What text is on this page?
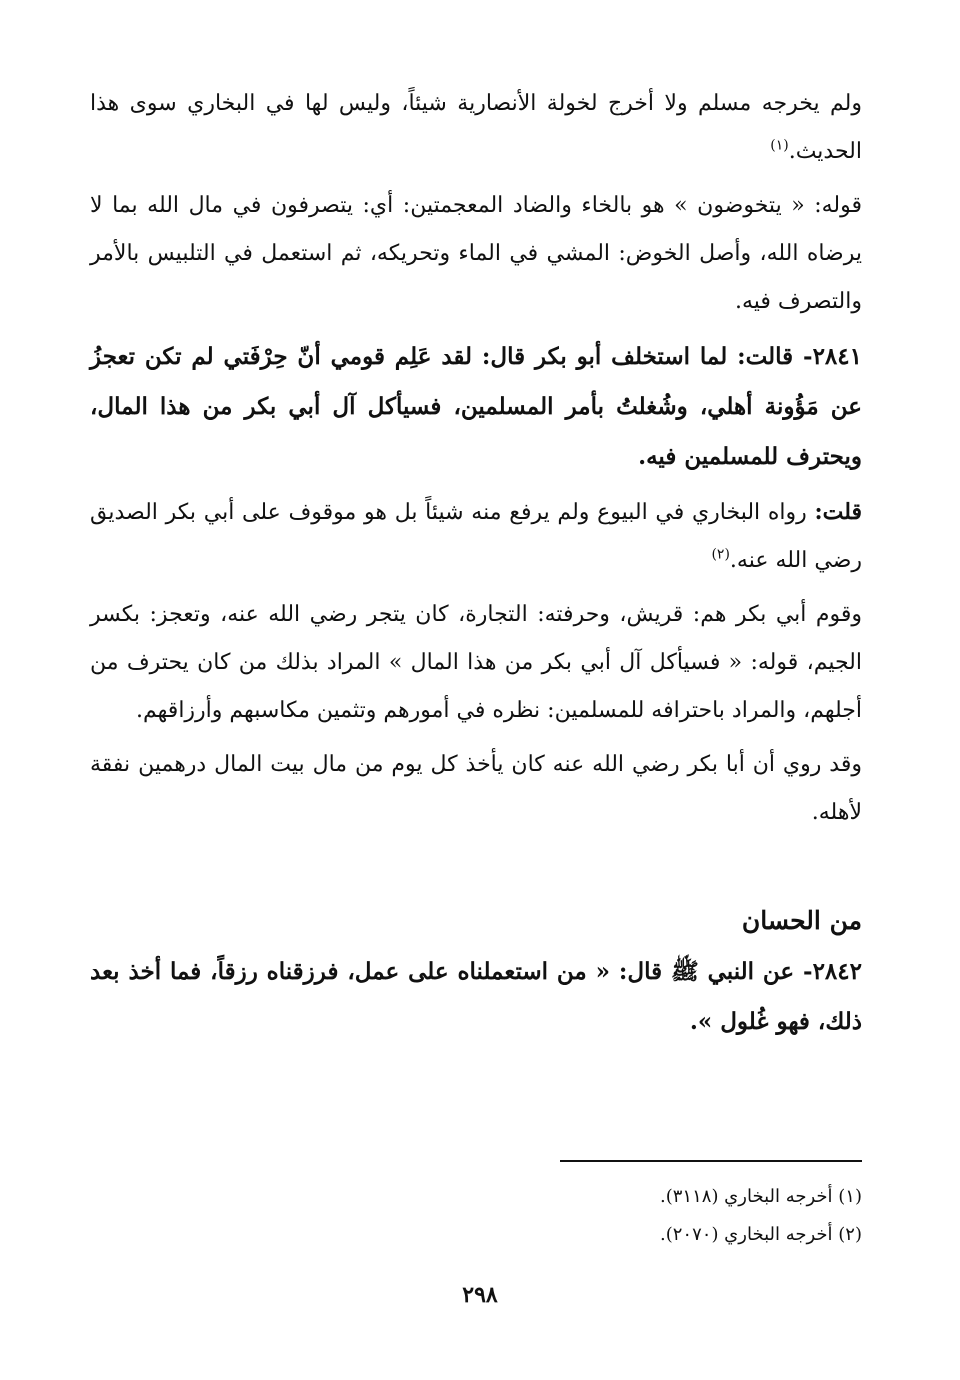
ولم يخرجه مسلم ولا أخرج لخولة الأنصارية شيئاً، وليس لها في البخاري سوى هذا الحديث.$^{(١)}$

قوله: « يتخوضون » هو بالخاء والضاد المعجمتين: أي: يتصرفون في مال الله بما لا يرضاه الله، وأصل الخوض: المشي في الماء وتحريكه، ثم استعمل في التلبيس بالأمر والتصرف فيه.

٢٨٤١- قالت: لما استخلف أبو بكر قال: لقد عَلِم قومي أنّ حِرْفَتي لم تكن تعجزُ عن مَؤُونة أهلي، وشُغلتُ بأمر المسلمين، فسيأكل آل أبي بكر من هذا المال، ويحترف للمسلمين فيه.

قلت: رواه البخاري في البيوع ولم يرفع منه شيئاً بل هو موقوف على أبي بكر الصديق رضي الله عنه.$^{(٢)}$

وقوم أبي بكر هم: قريش، وحرفته: التجارة، كان يتجر رضي الله عنه، وتعجز: بكسر الجيم، قوله: « فسيأكل آل أبي بكر من هذا المال » المراد بذلك من كان يحترف من أجلهم، والمراد باحترافه للمسلمين: نظره في أمورهم وتثمين مكاسبهم وأرزاقهم.

وقد روي أن أبا بكر رضي الله عنه كان يأخذ كل يوم من مال بيت المال درهمين نفقة لأهله.

من الحسان

٢٨٤٢- عن النبي ﷺ قال: « من استعملناه على عمل، فرزقناه رزقاً، فما أخذ بعد ذلك، فهو غُلول ».

(١) أخرجه البخاري (٣١١٨).
(٢) أخرجه البخاري (٢٠٧٠).
٢٩٨
